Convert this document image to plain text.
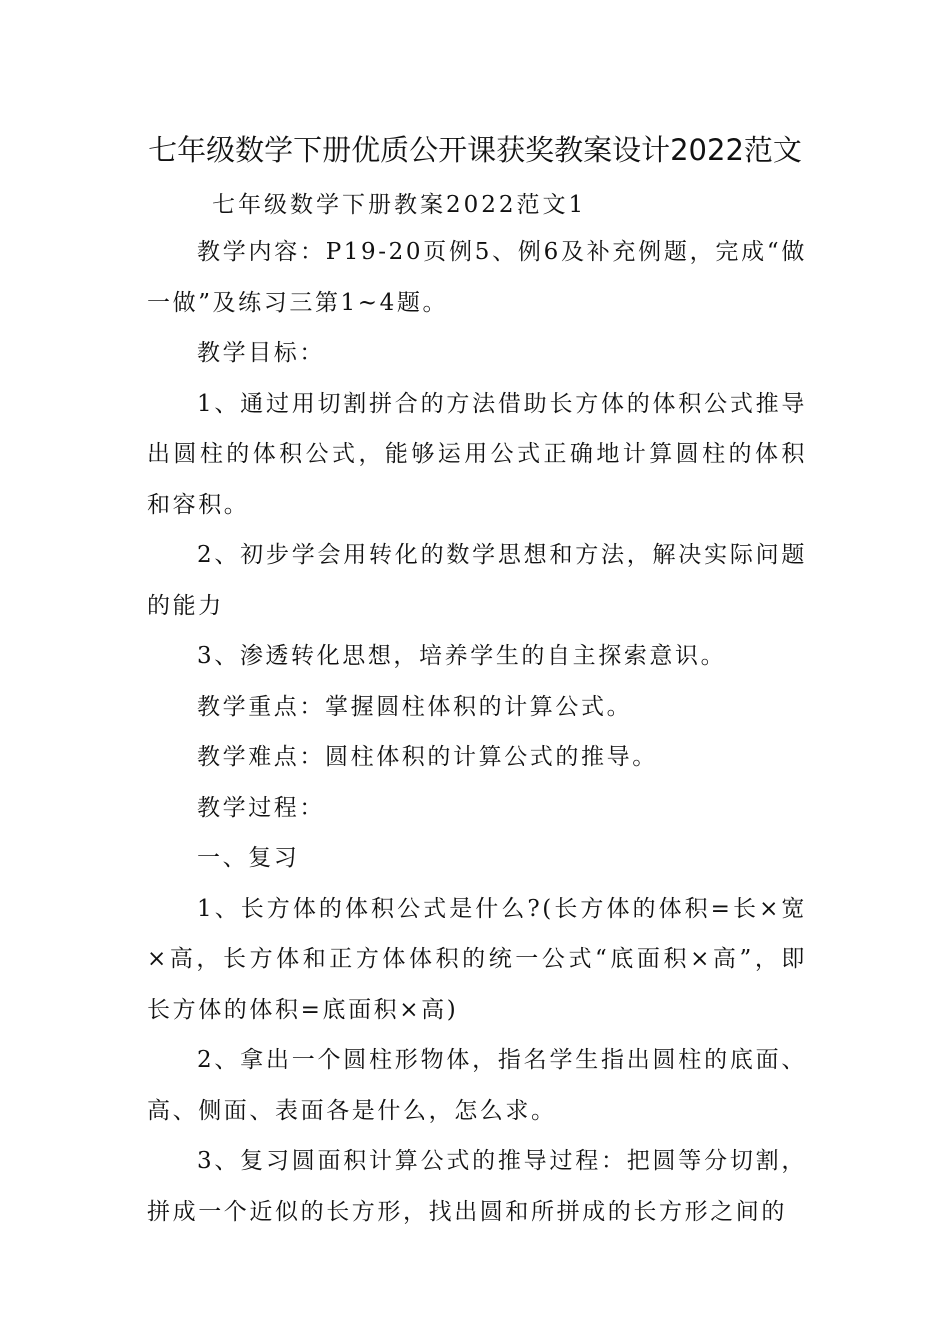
七年级数学下册优质公开课获奖教案设计2022范文
七年级数学下册教案2022范文1

教学内容：P19-20页例5、例6及补充例题，完成“做一做”及练习三第1~4题。

教学目标：

1、通过用切割拼合的方法借助长方体的体积公式推导出圆柱的体积公式，能够运用公式正确地计算圆柱的体积和容积。

2、初步学会用转化的数学思想和方法，解决实际问题的能力

3、渗透转化思想，培养学生的自主探索意识。

教学重点：掌握圆柱体积的计算公式。

教学难点：圆柱体积的计算公式的推导。

教学过程：

一、复习

1、长方体的体积公式是什么?(长方体的体积=长×宽×高，长方体和正方体体积的统一公式“底面积×高”，即长方体的体积=底面积×高)

2、拿出一个圆柱形物体，指名学生指出圆柱的底面、高、侧面、表面各是什么，怎么求。

3、复习圆面积计算公式的推导过程：把圆等分切割，拼成一个近似的长方形，找出圆和所拼成的长方形之间的
